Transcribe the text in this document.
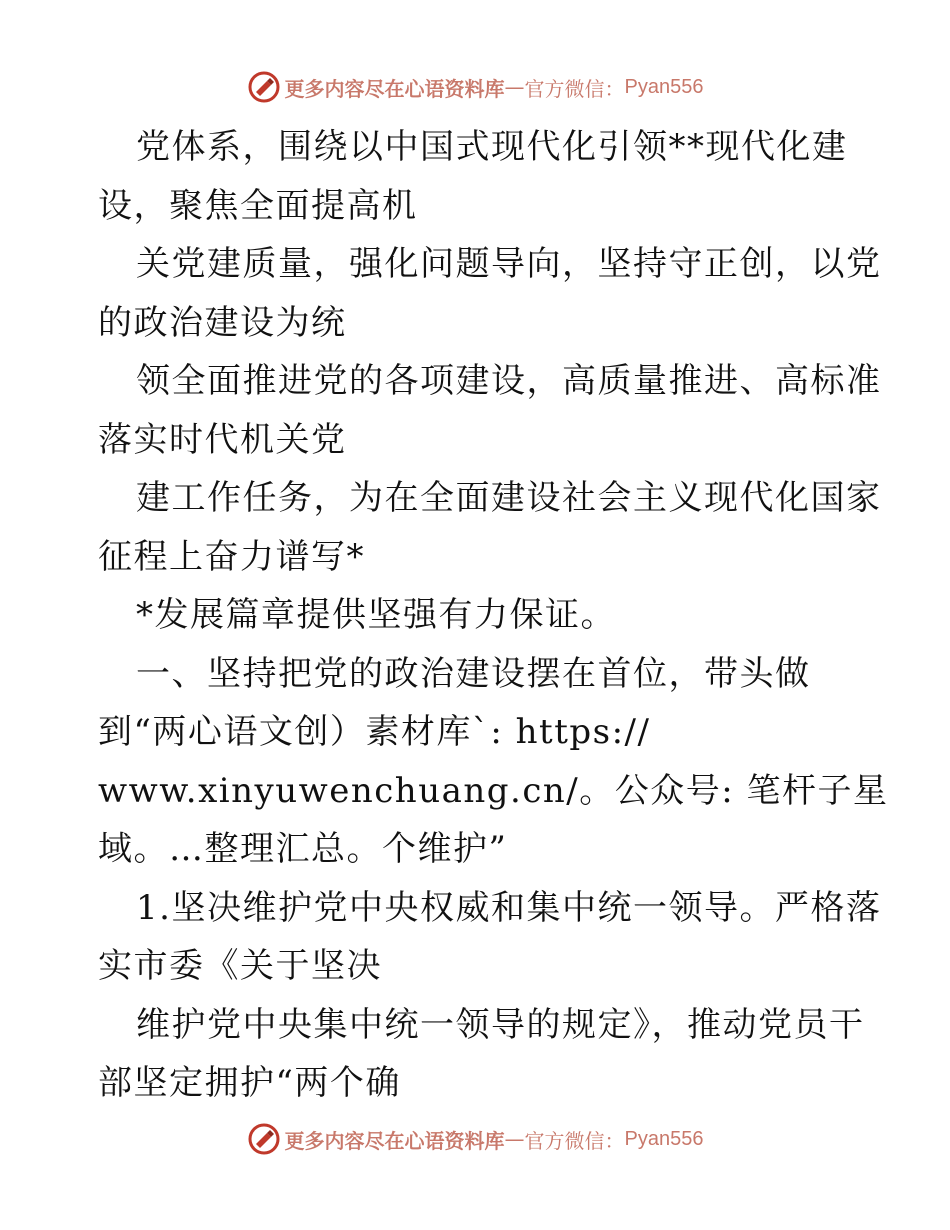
更多内容尽在心语资料库 — 官方微信： Pyan556
党体系，围绕以中国式现代化引领**现代化建
设，聚焦全面提高机
关党建质量，强化问题导向，坚持守正创，以党
的政治建设为统
领全面推进党的各项建设，高质量推进、高标准
落实时代机关党
建工作任务，为在全面建设社会主义现代化国家
征程上奋力谱写*
*发展篇章提供坚强有力保证。
一、坚持把党的政治建设摆在首位，带头做
到“两心语文创）素材库`: https://
www.xinyuwenchuang.cn/。公众号: 笔杆子星
域。…整理汇总。个维护”
1.坚决维护党中央权威和集中统一领导。严格落
实市委《关于坚决
维护党中央集中统一领导的规定》，推动党员干
部坚定拥护“两个确
更多内容尽在心语资料库 — 官方微信： Pyan556
